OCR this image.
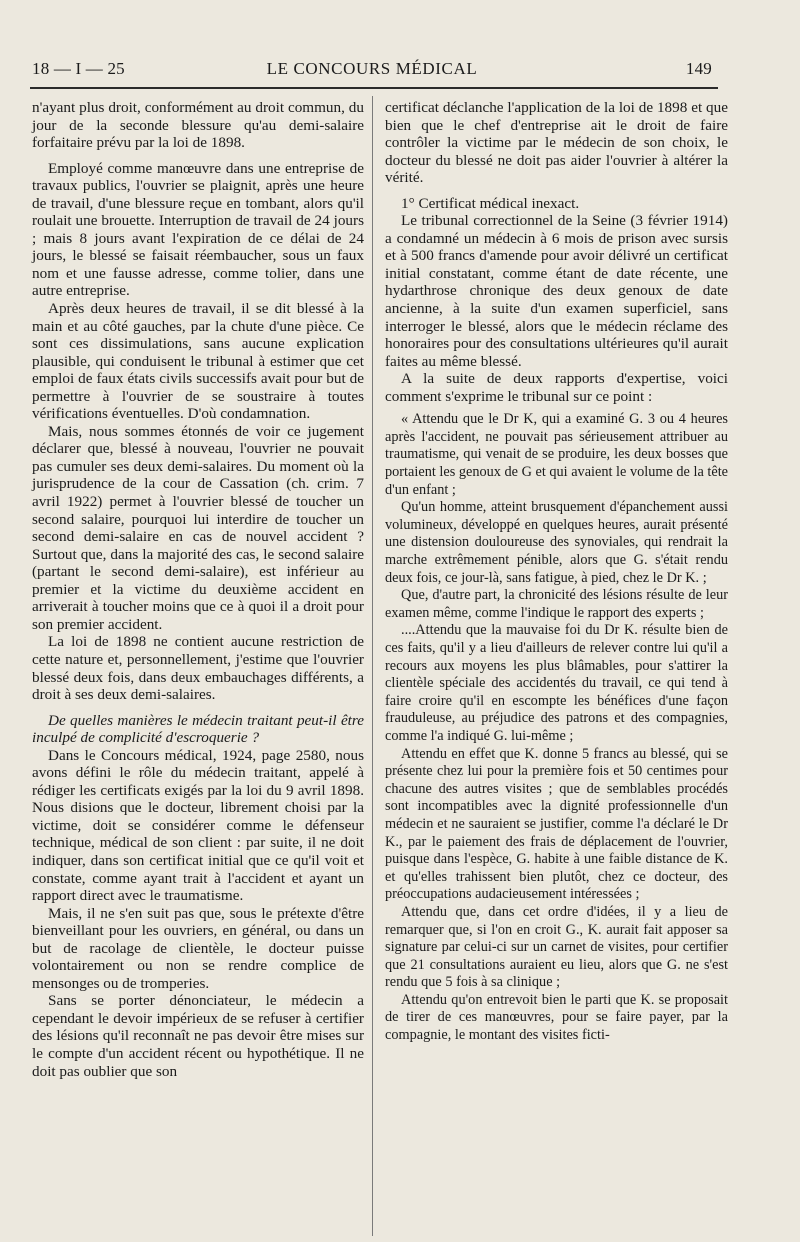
18 — I — 25	LE CONCOURS MÉDICAL	149

n'ayant plus droit, conformément au droit commun, du jour de la seconde blessure qu'au demi-salaire forfaitaire prévu par la loi de 1898.

Employé comme manœuvre dans une entreprise de travaux publics, l'ouvrier se plaignit, après une heure de travail, d'une blessure reçue en tombant, alors qu'il roulait une brouette. Interruption de travail de 24 jours ; mais 8 jours avant l'expiration de ce délai de 24 jours, le blessé se faisait réembaucher, sous un faux nom et une fausse adresse, comme tolier, dans une autre entreprise.

Après deux heures de travail, il se dit blessé à la main et au côté gauches, par la chute d'une pièce. Ce sont ces dissimulations, sans aucune explication plausible, qui conduisent le tribunal à estimer que cet emploi de faux états civils successifs avait pour but de permettre à l'ouvrier de se soustraire à toutes vérifications éventuelles. D'où condamnation.

Mais, nous sommes étonnés de voir ce jugement déclarer que, blessé à nouveau, l'ouvrier ne pouvait pas cumuler ses deux demi-salaires. Du moment où la jurisprudence de la cour de Cassation (ch. crim. 7 avril 1922) permet à l'ouvrier blessé de toucher un second salaire, pourquoi lui interdire de toucher un second demi-salaire en cas de nouvel accident ? Surtout que, dans la majorité des cas, le second salaire (partant le second demi-salaire), est inférieur au premier et la victime du deuxième accident en arriverait à toucher moins que ce à quoi il a droit pour son premier accident.

La loi de 1898 ne contient aucune restriction de cette nature et, personnellement, j'estime que l'ouvrier blessé deux fois, dans deux embauchages différents, a droit à ses deux demi-salaires.

De quelles manières le médecin traitant peut-il être inculpé de complicité d'escroquerie ?

Dans le Concours médical, 1924, page 2580, nous avons défini le rôle du médecin traitant, appelé à rédiger les certificats exigés par la loi du 9 avril 1898. Nous disions que le docteur, librement choisi par la victime, doit se considérer comme le défenseur technique, médical de son client : par suite, il ne doit indiquer, dans son certificat initial que ce qu'il voit et constate, comme ayant trait à l'accident et ayant un rapport direct avec le traumatisme.

Mais, il ne s'en suit pas que, sous le prétexte d'être bienveillant pour les ouvriers, en général, ou dans un but de racolage de clientèle, le docteur puisse volontairement ou non se rendre complice de mensonges ou de tromperies.

Sans se porter dénonciateur, le médecin a cependant le devoir impérieux de se refuser à certifier des lésions qu'il reconnaît ne pas devoir être mises sur le compte d'un accident récent ou hypothétique. Il ne doit pas oublier que son

certificat déclanche l'application de la loi de 1898 et que bien que le chef d'entreprise ait le droit de faire contrôler la victime par le médecin de son choix, le docteur du blessé ne doit pas aider l'ouvrier à altérer la vérité.

1° Certificat médical inexact.

Le tribunal correctionnel de la Seine (3 février 1914) a condamné un médecin à 6 mois de prison avec sursis et à 500 francs d'amende pour avoir délivré un certificat initial constatant, comme étant de date récente, une hydarthrose chronique des deux genoux de date ancienne, à la suite d'un examen superficiel, sans interroger le blessé, alors que le médecin réclame des honoraires pour des consultations ultérieures qu'il aurait faites au même blessé.

A la suite de deux rapports d'expertise, voici comment s'exprime le tribunal sur ce point :

« Attendu que le Dr K, qui a examiné G. 3 ou 4 heures après l'accident, ne pouvait pas sérieusement attribuer au traumatisme, qui venait de se produire, les deux bosses que portaient les genoux de G et qui avaient le volume de la tête d'un enfant ;

Qu'un homme, atteint brusquement d'épanchement aussi volumineux, développé en quelques heures, aurait présenté une distension douloureuse des synoviales, qui rendrait la marche extrêmement pénible, alors que G. s'était rendu deux fois, ce jour-là, sans fatigue, à pied, chez le Dr K. ;

Que, d'autre part, la chronicité des lésions résulte de leur examen même, comme l'indique le rapport des experts ;

....Attendu que la mauvaise foi du Dr K. résulte bien de ces faits, qu'il y a lieu d'ailleurs de relever contre lui qu'il a recours aux moyens les plus blâmables, pour s'attirer la clientèle spéciale des accidentés du travail, ce qui tend à faire croire qu'il en escompte les bénéfices d'une façon frauduleuse, au préjudice des patrons et des compagnies, comme l'a indiqué G. lui-même ;

Attendu en effet que K. donne 5 francs au blessé, qui se présente chez lui pour la première fois et 50 centimes pour chacune des autres visites ; que de semblables procédés sont incompatibles avec la dignité professionnelle d'un médecin et ne sauraient se justifier, comme l'a déclaré le Dr K., par le paiement des frais de déplacement de l'ouvrier, puisque dans l'espèce, G. habite à une faible distance de K. et qu'elles trahissent bien plutôt, chez ce docteur, des préoccupations audacieusement intéressées ;

Attendu que, dans cet ordre d'idées, il y a lieu de remarquer que, si l'on en croit G., K. aurait fait apposer sa signature par celui-ci sur un carnet de visites, pour certifier que 21 consultations auraient eu lieu, alors que G. ne s'est rendu que 5 fois à sa clinique ;

Attendu qu'on entrevoit bien le parti que K. se proposait de tirer de ces manœuvres, pour se faire payer, par la compagnie, le montant des visites ficti-
